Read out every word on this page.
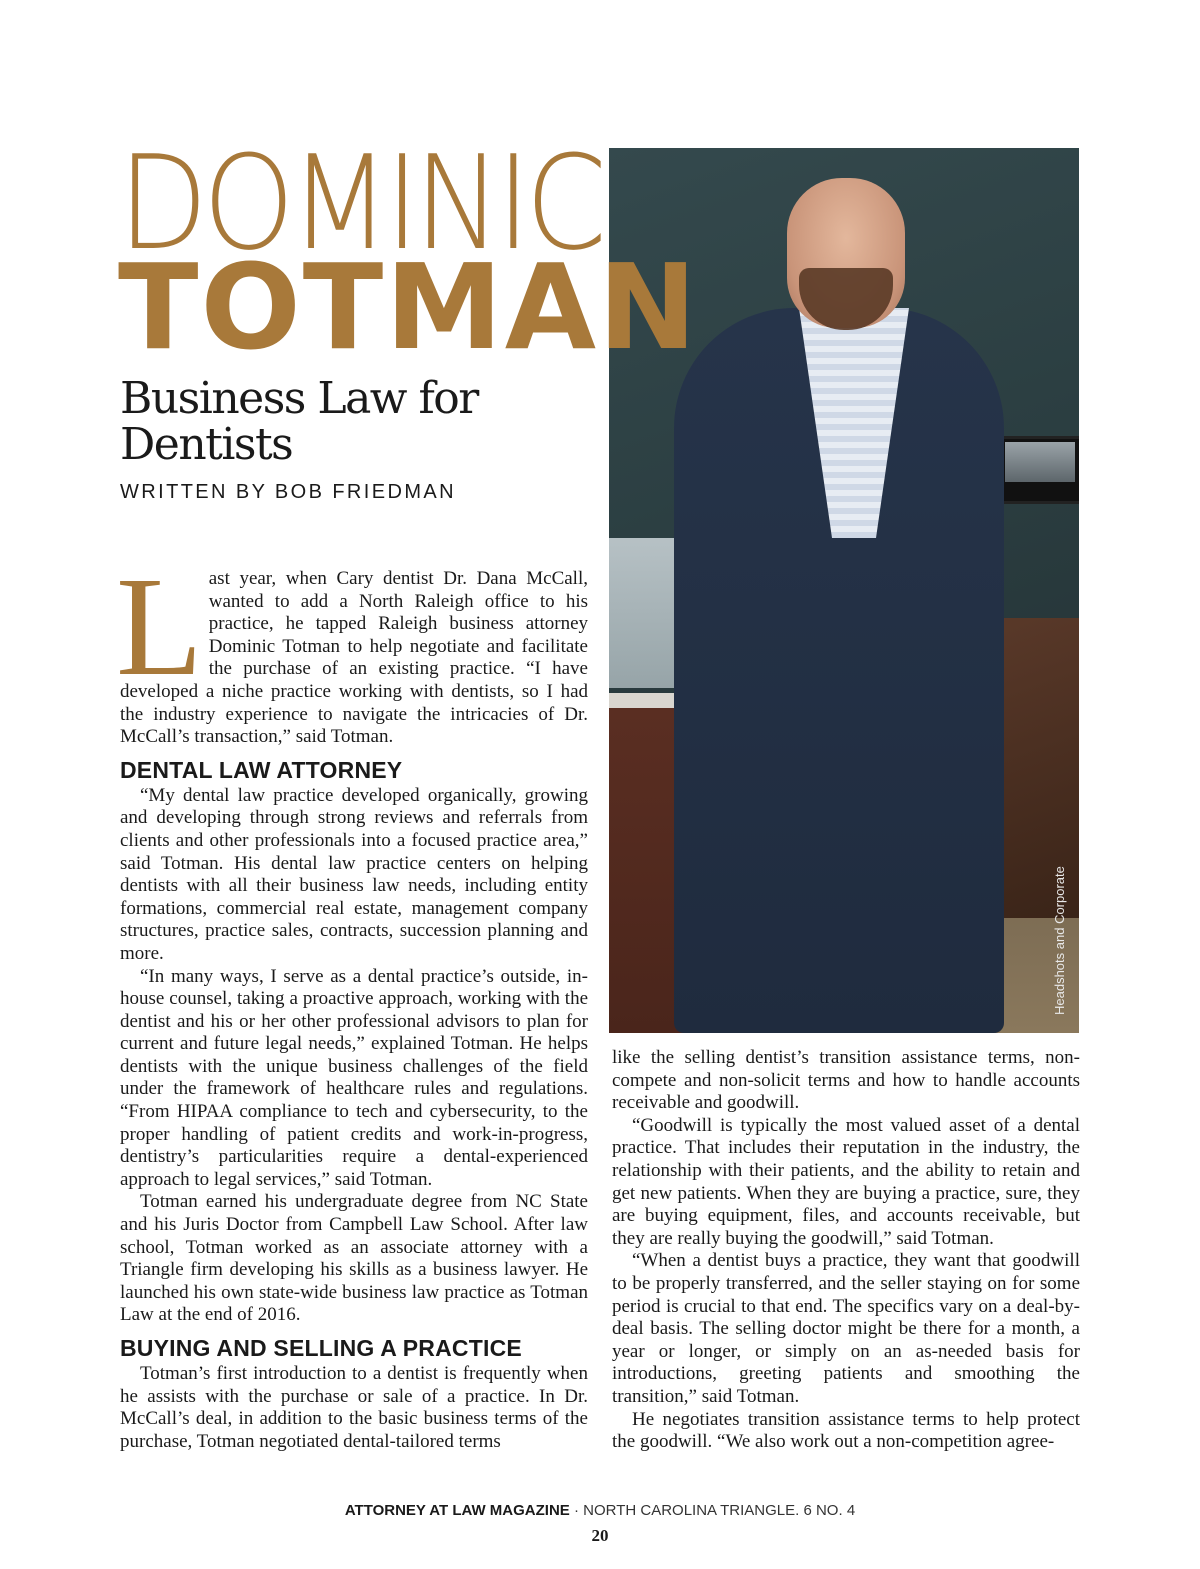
Headshots and Corporate
DOMINIC
TOTMAN
Business Law for Dentists

WRITTEN BY BOB FRIEDMAN

Last year, when Cary dentist Dr. Dana McCall, wanted to add a North Raleigh office to his practice, he tapped Raleigh business attorney Dominic Totman to help negotiate and facilitate the purchase of an existing practice. “I have developed a niche practice working with dentists, so I had the industry experience to navigate the intricacies of Dr. McCall’s transaction,” said Totman.

DENTAL LAW ATTORNEY

“My dental law practice developed organically, growing and developing through strong reviews and referrals from clients and other professionals into a focused practice area,” said Totman. His dental law practice centers on helping dentists with all their business law needs, including entity formations, commercial real estate, management company structures, practice sales, contracts, succession planning and more.

“In many ways, I serve as a dental practice’s outside, in-house counsel, taking a proactive approach, working with the dentist and his or her other professional advisors to plan for current and future legal needs,” explained Totman. He helps dentists with the unique business challenges of the field under the framework of healthcare rules and regulations. “From HIPAA compliance to tech and cybersecurity, to the proper handling of patient credits and work-in-progress, dentistry’s particularities require a dental-experienced approach to legal services,” said Totman.

Totman earned his undergraduate degree from NC State and his Juris Doctor from Campbell Law School. After law school, Totman worked as an associate attorney with a Triangle firm developing his skills as a business lawyer. He launched his own state-wide business law practice as Totman Law at the end of 2016.

BUYING AND SELLING A PRACTICE

Totman’s first introduction to a dentist is frequently when he assists with the purchase or sale of a practice. In Dr. McCall’s deal, in addition to the basic business terms of the purchase, Totman negotiated dental-tailored terms

like the selling dentist’s transition assistance terms, non-compete and non-solicit terms and how to handle accounts receivable and goodwill.

“Goodwill is typically the most valued asset of a dental practice. That includes their reputation in the industry, the relationship with their patients, and the ability to retain and get new patients. When they are buying a practice, sure, they are buying equipment, files, and accounts receivable, but they are really buying the goodwill,” said Totman.

“When a dentist buys a practice, they want that goodwill to be properly transferred, and the seller staying on for some period is crucial to that end. The specifics vary on a deal-by-deal basis. The selling doctor might be there for a month, a year or longer, or simply on an as-needed basis for introductions, greeting patients and smoothing the transition,” said Totman.

He negotiates transition assistance terms to help protect the goodwill. “We also work out a non-competition agree-

ATTORNEY AT LAW MAGAZINE · NORTH CAROLINA TRIANGLE. 6 NO. 4

20
